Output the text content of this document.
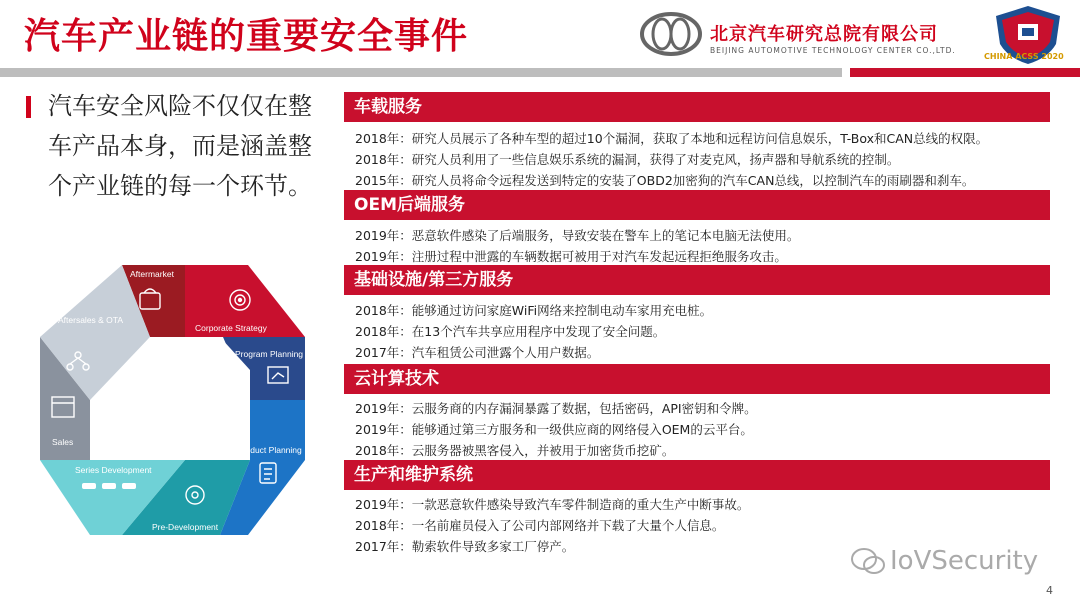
汽车产业链的重要安全事件	北京汽车研究总院有限公司
BEIJING AUTOMOTIVE TECHNOLOGY CENTER CO.,LTD.
CHINA ACSS 2020
汽车安全风险不仅仅在整车产品本身，而是涵盖整个产业链的每一个环节。
Aftermarket
Corporate Strategy
Program Planning
Product Planning
Pre-Development
Series Development
Sales
Aftersales & OTA
车载服务
2018年：研究人员展示了各种车型的超过10个漏洞，获取了本地和远程访问信息娱乐，T-Box和CAN总线的权限。
2018年：研究人员利用了一些信息娱乐系统的漏洞，获得了对麦克风，扬声器和导航系统的控制。
2015年：研究人员将命令远程发送到特定的安装了OBD2加密狗的汽车CAN总线，以控制汽车的雨刷器和刹车。
OEM后端服务
2019年：恶意软件感染了后端服务，导致安装在警车上的笔记本电脑无法使用。
2019年：注册过程中泄露的车辆数据可被用于对汽车发起远程拒绝服务攻击。
基础设施/第三方服务
2018年：能够通过访问家庭WiFi网络来控制电动车家用充电桩。
2018年：在13个汽车共享应用程序中发现了安全问题。
2017年：汽车租赁公司泄露个人用户数据。
云计算技术
2019年：云服务商的内存漏洞暴露了数据，包括密码，API密钥和令牌。
2019年：能够通过第三方服务和一级供应商的网络侵入OEM的云平台。
2018年：云服务器被黑客侵入，并被用于加密货币挖矿。
生产和维护系统
2019年：一款恶意软件感染导致汽车零件制造商的重大生产中断事故。
2018年：一名前雇员侵入了公司内部网络并下载了大量个人信息。
2017年：勒索软件导致多家工厂停产。	IoVSecurity
4
